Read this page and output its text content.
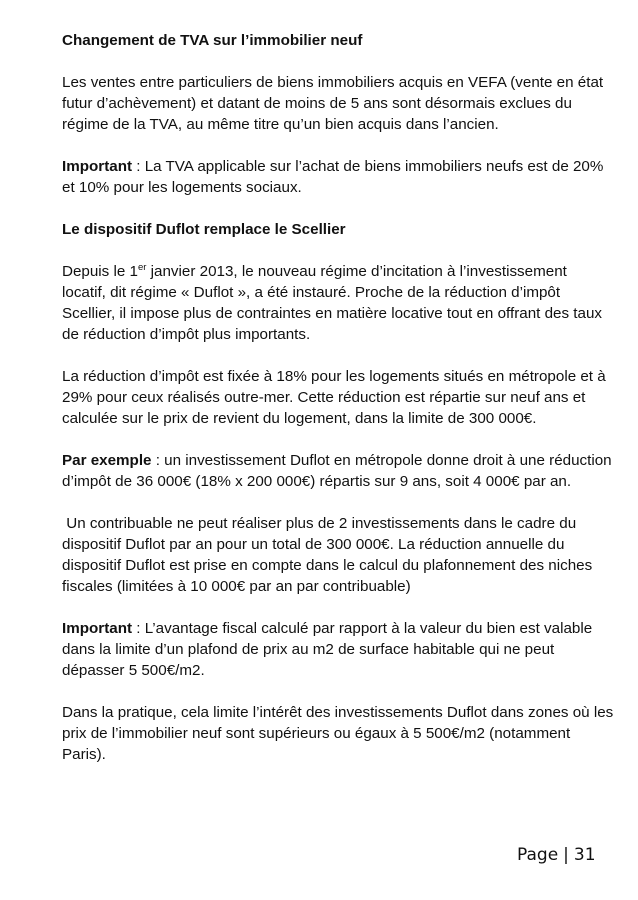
Changement de TVA sur l’immobilier neuf

Les ventes entre particuliers de biens immobiliers acquis en VEFA (vente en état futur d’achèvement) et datant de moins de 5 ans sont désormais exclues du régime de la TVA, au même titre qu’un bien acquis dans l’ancien.

Important : La TVA applicable sur l’achat de biens immobiliers neufs est de 20% et 10% pour les logements sociaux.

Le dispositif Duflot remplace le Scellier

Depuis le 1er janvier 2013, le nouveau régime d’incitation à l’investissement locatif, dit régime « Duflot », a été instauré. Proche de la réduction d’impôt Scellier, il impose plus de contraintes en matière locative tout en offrant des taux de réduction d’impôt plus importants.

La réduction d’impôt est fixée à 18% pour les logements situés en métropole et à 29% pour ceux réalisés outre-mer. Cette réduction est répartie sur neuf ans et calculée sur le prix de revient du logement, dans la limite de 300 000€.

Par exemple : un investissement Duflot en métropole donne droit à une réduction d’impôt de 36 000€ (18% x 200 000€) répartis sur 9 ans, soit 4 000€ par an.

Un contribuable ne peut réaliser plus de 2 investissements dans le cadre du dispositif Duflot par an pour un total de 300 000€. La réduction annuelle du dispositif Duflot est prise en compte dans le calcul du plafonnement des niches fiscales (limitées à 10 000€ par an par contribuable)

Important : L’avantage fiscal calculé par rapport à la valeur du bien est valable dans la limite d’un plafond de prix au m2 de surface habitable qui ne peut dépasser 5 500€/m2.

Dans la pratique, cela limite l’intérêt des investissements Duflot dans zones où les prix de l’immobilier neuf sont supérieurs ou égaux à 5 500€/m2 (notamment Paris).

Page | 31
